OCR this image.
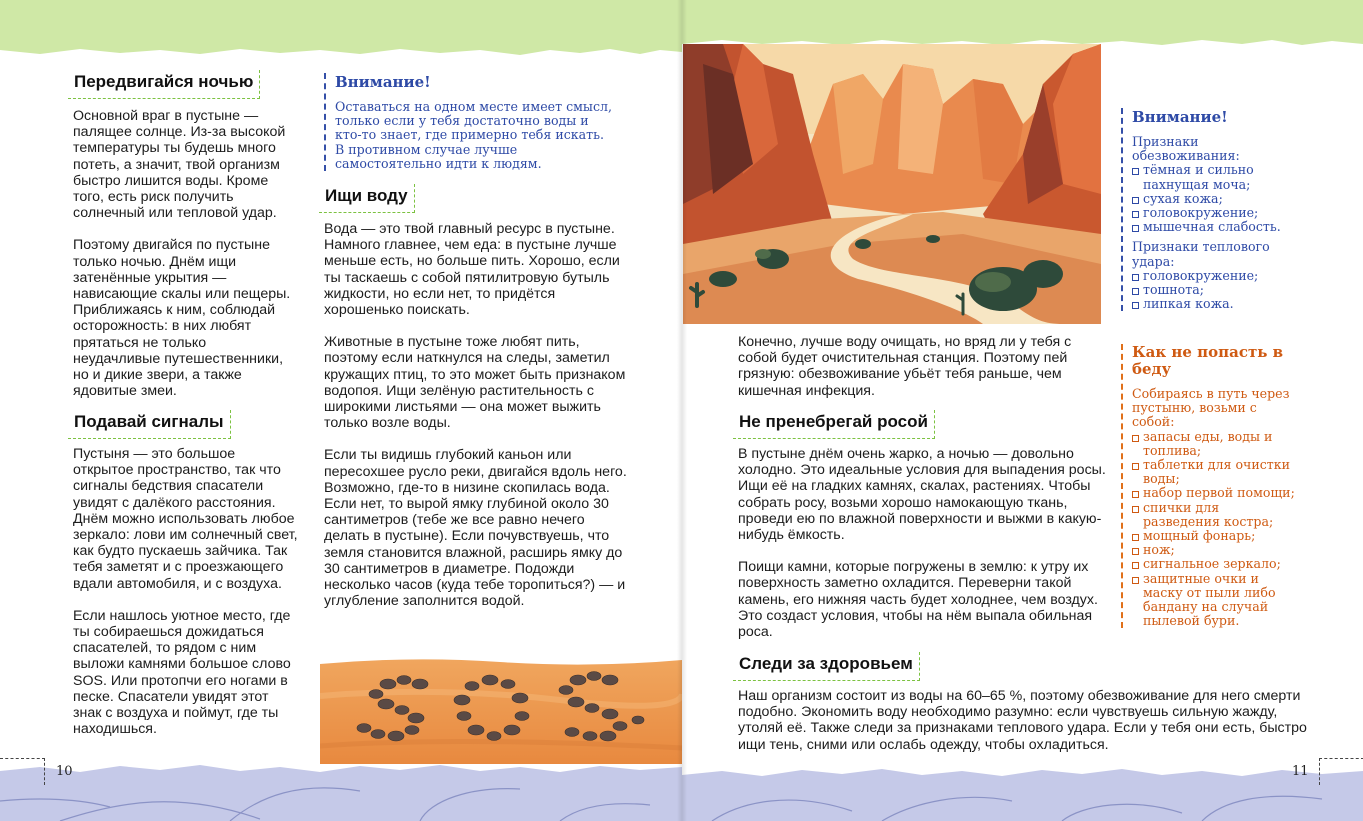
Передвигайся ночью

Основной враг в пустыне — палящее солнце. Из-за высокой температуры ты будешь много потеть, а значит, твой организм быстро лишится воды. Кроме того, есть риск получить солнечный или тепловой удар.

Поэтому двигайся по пустыне только ночью. Днём ищи затенённые укрытия — нависающие скалы или пещеры. Приближаясь к ним, соблюдай осторожность: в них любят прятаться не только неудачливые путешественники, но и дикие звери, а также ядовитые змеи.

Подавай сигналы

Пустыня — это большое открытое пространство, так что сигналы бедствия спасатели увидят с далёкого расстояния. Днём можно использовать любое зеркало: лови им солнечный свет, как будто пускаешь зайчика. Так тебя заметят и с проезжающего вдали автомобиля, и с воздуха.

Если нашлось уютное место, где ты собираешься дожидаться спасателей, то рядом с ним выложи камнями большое слово SOS. Или протопчи его ногами в песке. Спасатели увидят этот знак с воздуха и поймут, где ты находишься.

Внимание!
Оставаться на одном месте имеет смысл, только если у тебя достаточно воды и кто-то знает, где примерно тебя искать. В противном случае лучше самостоятельно идти к людям.
Ищи воду

Вода — это твой главный ресурс в пустыне. Намного главнее, чем еда: в пустыне лучше меньше есть, но больше пить. Хорошо, если ты таскаешь с собой пятилитровую бутыль жидкости, но если нет, то придётся хорошенько поискать.

Животные в пустыне тоже любят пить, поэтому если наткнулся на следы, заметил кружащих птиц, то это может быть признаком водопоя. Ищи зелёную растительность с широкими листьями — она может выжить только возле воды.

Если ты видишь глубокий каньон или пересохшее русло реки, двигайся вдоль него. Возможно, где-то в низине скопилась вода. Если нет, то вырой ямку глубиной около 30 сантиметров (тебе же все равно нечего делать в пустыне). Если почувствуешь, что земля становится влажной, расширь ямку до 30 сантиметров в диаметре. Подожди несколько часов (куда тебе торопиться?) — и углубление заполнится водой.

10

Конечно, лучше воду очищать, но вряд ли у тебя с собой будет очистительная станция. Поэтому пей грязную: обезвоживание убьёт тебя раньше, чем кишечная инфекция.

Не пренебрегай росой

В пустыне днём очень жарко, а ночью — довольно холодно. Это идеальные условия для выпадения росы. Ищи её на гладких камнях, скалах, растениях. Чтобы собрать росу, возьми хорошо намокающую ткань, проведи ею по влажной поверхности и выжми в какую-нибудь ёмкость.

Поищи камни, которые погружены в землю: к утру их поверхность заметно охладится. Переверни такой камень, его нижняя часть будет холоднее, чем воздух. Это создаст условия, чтобы на нём выпала обильная роса.

Следи за здоровьем

Наш организм состоит из воды на 60–65 %, поэтому обезвоживание для него смерти подобно. Экономить воду необходимо разумно: если чувствуешь сильную жажду, утоляй её. Также следи за признаками теплового удара. Если у тебя они есть, быстро ищи тень, сними или ослабь одежду, чтобы охладиться.

Внимание!
Признаки обезвоживания:
тёмная и сильно пахнущая моча;
сухая кожа;
головокружение;
мышечная слабость.
Признаки теплового удара:
головокружение;
тошнота;
липкая кожа.
Как не попасть в беду
Собираясь в путь через пустыню, возьми с собой:
запасы еды, воды и топлива;
таблетки для очистки воды;
набор первой помощи;
спички для разведения костра;
мощный фонарь;
нож;
сигнальное зеркало;
защитные очки и маску от пыли либо бандану на случай пылевой бури.
11
